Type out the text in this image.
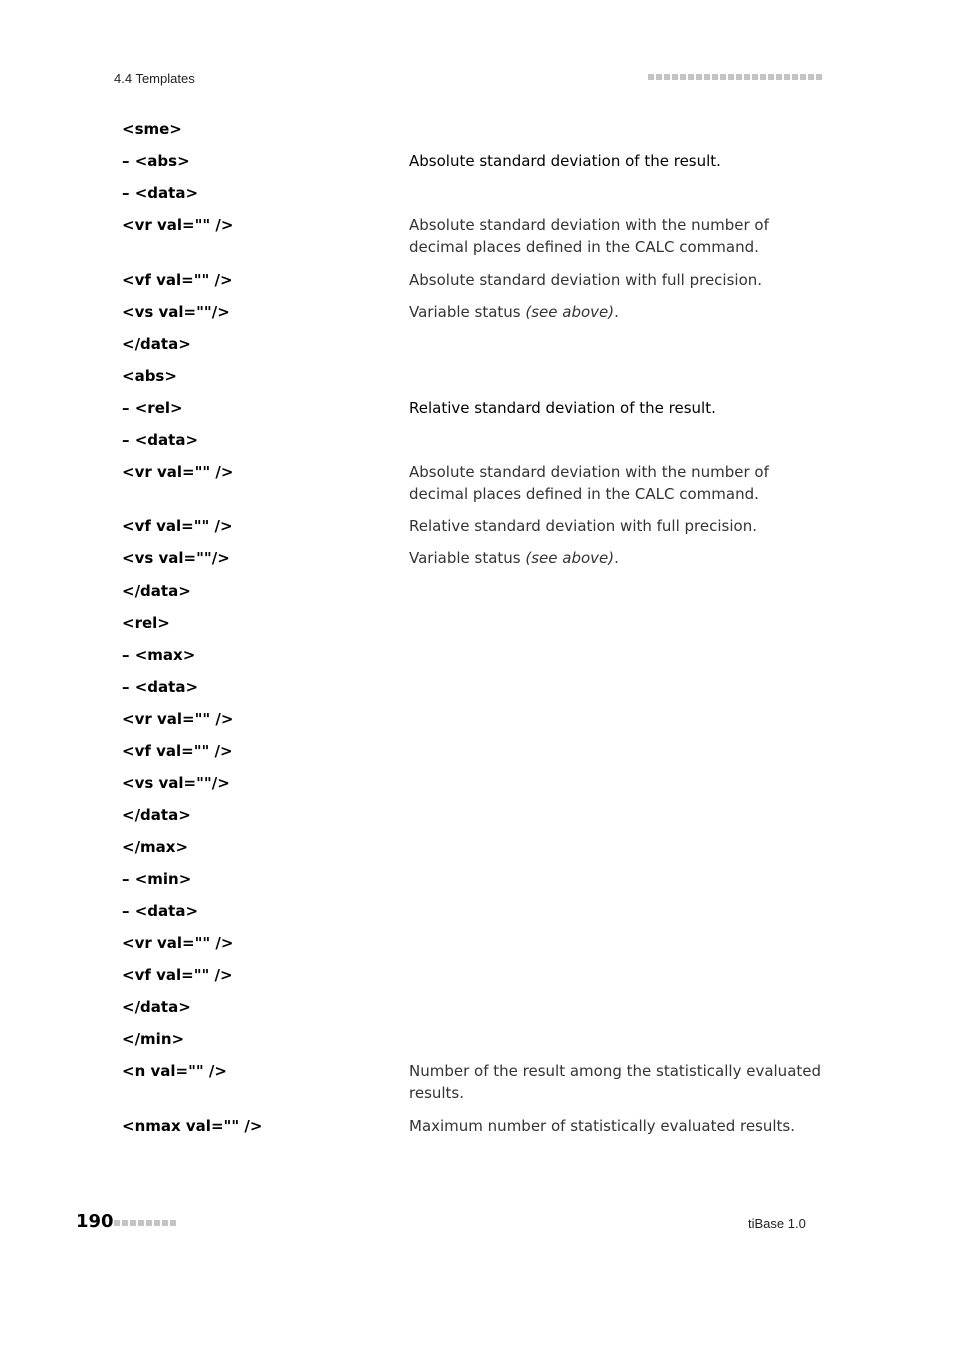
4.4 Templates
<sme>
– <abs>	Absolute standard deviation of the result.
– <data>
<vr val="" />	Absolute standard deviation with the number of decimal places defined in the CALC command.
<vf val="" />	Absolute standard deviation with full precision.
<vs val=""/>	Variable status (see above).
</data>
<abs>
– <rel>	Relative standard deviation of the result.
– <data>
<vr val="" />	Absolute standard deviation with the number of decimal places defined in the CALC command.
<vf val="" />	Relative standard deviation with full precision.
<vs val=""/>	Variable status (see above).
</data>
<rel>
– <max>
– <data>
<vr val="" />
<vf val="" />
<vs val=""/>
</data>
</max>
– <min>
– <data>
<vr val="" />
<vf val="" />
</data>
</min>
<n val="" />	Number of the result among the statistically evaluated results.
<nmax val="" />	Maximum number of statistically evaluated results.
190	tiBase 1.0
